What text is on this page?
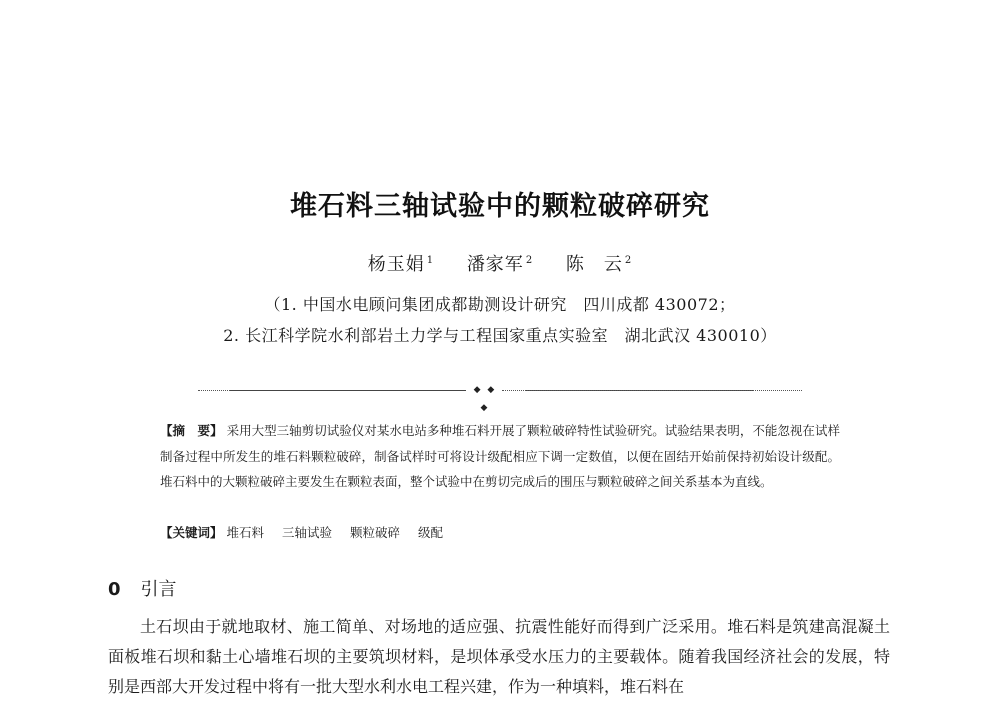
堆石料三轴试验中的颗粒破碎研究
杨玉娟 $^1$ 潘家军 $^2$ 陈　云 $^2$
（1. 中国水电顾问集团成都勘测设计研究　四川成都 430072；
2. 长江科学院水利部岩土力学与工程国家重点实验室　湖北武汉 430010）
◆ ◆ ◆
【摘　要】 采用大型三轴剪切试验仪对某水电站多种堆石料开展了颗粒破碎特性试验研究。试验结果表明，不能忽视在试样制备过程中所发生的堆石料颗粒破碎，制备试样时可将设计级配相应下调一定数值，以便在固结开始前保持初始设计级配。堆石料中的大颗粒破碎主要发生在颗粒表面，整个试验中在剪切完成后的围压与颗粒破碎之间关系基本为直线。
【关键词】 堆石料 三轴试验 颗粒破碎 级配
0 引言
土石坝由于就地取材、施工简单、对场地的适应强、抗震性能好而得到广泛采用。堆石料是筑建高混凝土面板堆石坝和黏土心墙堆石坝的主要筑坝材料，是坝体承受水压力的主要载体。随着我国经济社会的发展，特别是西部大开发过程中将有一批大型水利水电工程兴建，作为一种填料，堆石料在
